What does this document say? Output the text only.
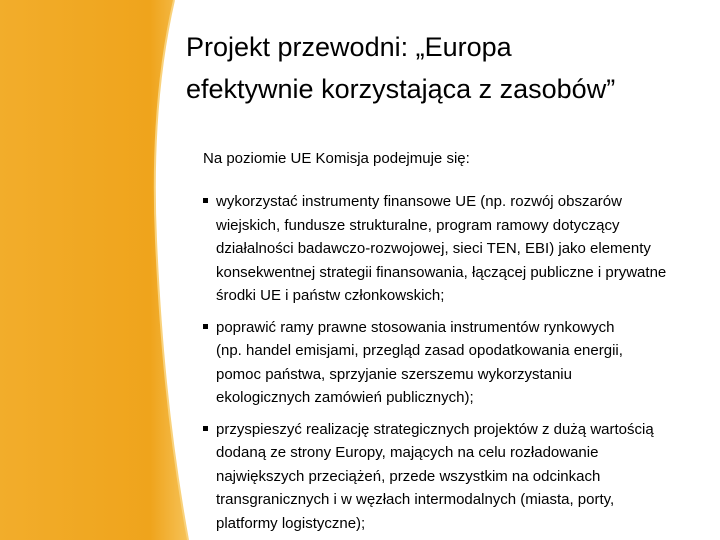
Projekt przewodni: „Europa
efektywnie korzystająca z zasobów”

Na poziomie UE Komisja podejmuje się:

wykorzystać instrumenty finansowe UE (np. rozwój obszarów
wiejskich, fundusze strukturalne, program ramowy dotyczący
działalności badawczo-rozwojowej, sieci TEN, EBI) jako elementy
konsekwentnej strategii finansowania, łączącej publiczne i prywatne
środki UE i państw członkowskich;
poprawić ramy prawne stosowania instrumentów rynkowych
(np. handel emisjami, przegląd zasad opodatkowania energii,
pomoc państwa, sprzyjanie szerszemu wykorzystaniu
ekologicznych zamówień publicznych);
przyspieszyć realizację strategicznych projektów z dużą wartością
dodaną ze strony Europy, mających na celu rozładowanie
największych przeciążeń, przede wszystkim na odcinkach
transgranicznych i w węzłach intermodalnych (miasta, porty,
platformy logistyczne);
